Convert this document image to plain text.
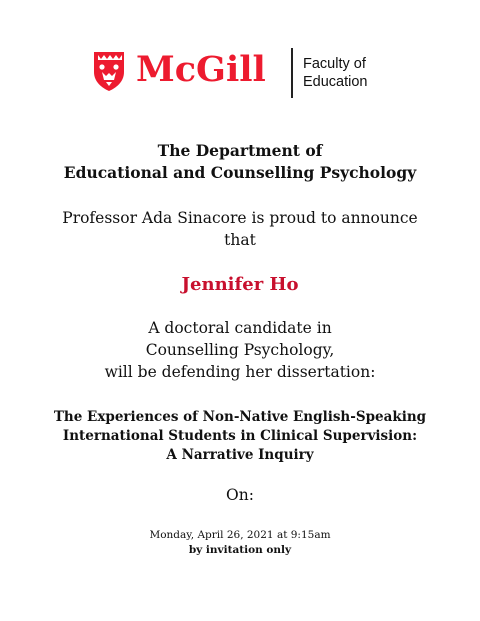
McGill	Faculty of
Education
The Department of
Educational and Counselling Psychology
Professor Ada Sinacore is proud to announce
that
Jennifer Ho
A doctoral candidate in
Counselling Psychology,
will be defending her dissertation:
The Experiences of Non-Native English-Speaking
International Students in Clinical Supervision:
A Narrative Inquiry
On:
Monday, April 26, 2021 at 9:15am
by invitation only
